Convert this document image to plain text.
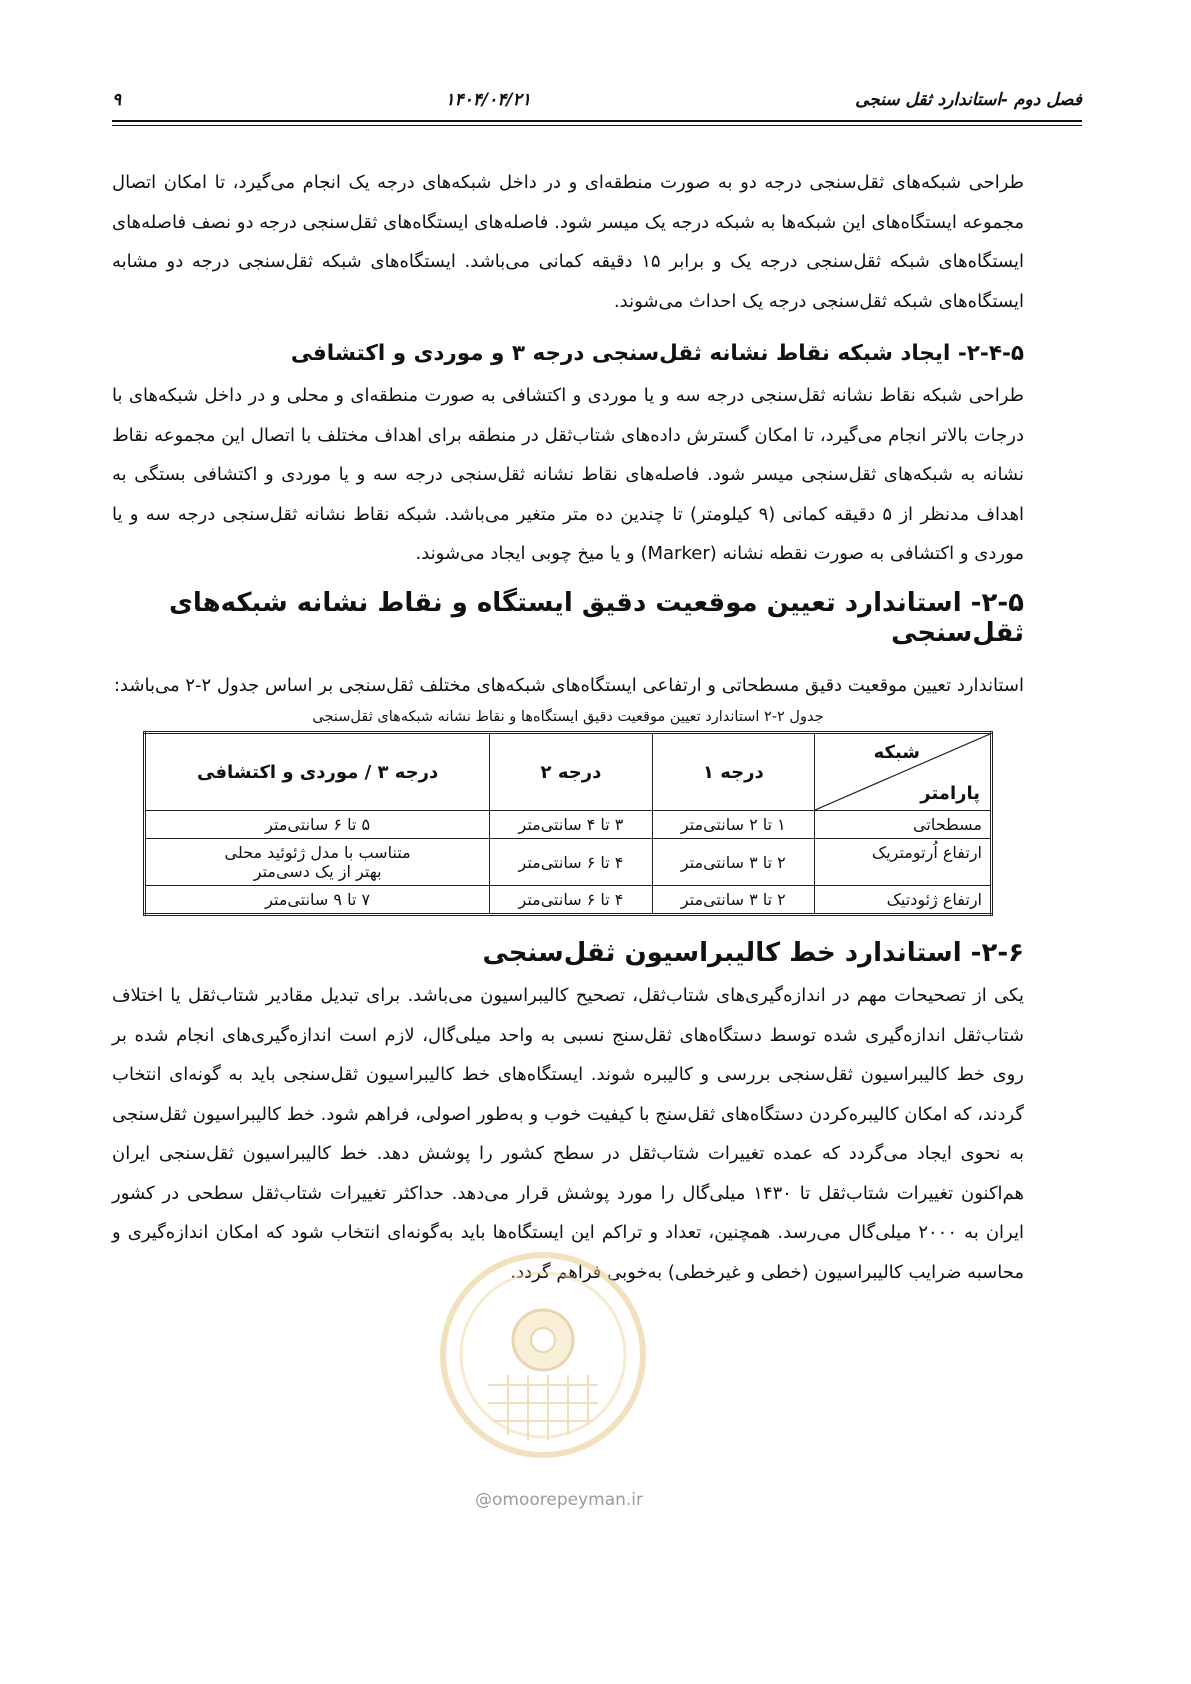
فصل دوم -استاندارد ثقل سنجی
۱۴۰۴/۰۴/۲۱
۹

طراحی شبکه‌های ثقل‌سنجی درجه دو به صورت منطقه‌ای و در داخل شبکه‌های درجه یک انجام می‌گیرد، تا امکان اتصال مجموعه ایستگاه‌های این شبکه‌ها به شبکه درجه یک میسر شود. فاصله‌های ایستگاه‌های ثقل‌سنجی درجه دو نصف فاصله‌های ایستگاه‌های شبکه ثقل‌سنجی درجه یک و برابر ۱۵ دقیقه کمانی می‌باشد. ایستگاه‌های شبکه ثقل‌سنجی درجه دو مشابه ایستگاه‌های شبکه ثقل‌سنجی درجه یک احداث می‌شوند.

۲-۴-۵- ایجاد شبکه نقاط نشانه ثقل‌سنجی درجه ۳ و موردی و اکتشافی

طراحی شبکه نقاط نشانه ثقل‌سنجی درجه سه و یا موردی و اکتشافی به صورت منطقه‌ای و محلی و در داخل شبکه‌های با درجات بالاتر انجام می‌گیرد، تا امکان گسترش داده‌های شتاب‌ثقل در منطقه برای اهداف مختلف با اتصال این مجموعه نقاط نشانه به شبکه‌های ثقل‌سنجی میسر شود. فاصله‌های نقاط نشانه ثقل‌سنجی درجه سه و یا موردی و اکتشافی بستگی به اهداف مدنظر از ۵ دقیقه کمانی (۹ کیلومتر) تا چندین ده متر متغیر می‌باشد. شبکه نقاط نشانه ثقل‌سنجی درجه سه و یا موردی و اکتشافی به صورت نقطه نشانه (Marker) و یا میخ چوبی ایجاد می‌شوند.

۲-۵- استاندارد تعیین موقعیت دقیق ایستگاه و نقاط نشانه شبکه‌های ثقل‌سنجی

استاندارد تعیین موقعیت دقیق مسطحاتی و ارتفاعی ایستگاه‌های شبکه‌های مختلف ثقل‌سنجی بر اساس جدول ۲-۲ می‌باشد:

جدول ۲-۲ استاندارد تعیین موقعیت دقیق ایستگاه‌ها و نقاط نشانه شبکه‌های ثقل‌سنجی
شبکه
پارامتر	درجه ۱	درجه ۲	درجه ۳ / موردی و اکتشافی
مسطحاتی	۱ تا ۲ سانتی‌متر	۳ تا ۴ سانتی‌متر	۵ تا ۶ سانتی‌متر
ارتفاع اُرتومتریک	۲ تا ۳ سانتی‌متر	۴ تا ۶ سانتی‌متر	متناسب با مدل ژئوئید محلی
بهتر از یک دسی‌متر

ارتفاع ژئودتیک	۲ تا ۳ سانتی‌متر	۴ تا ۶ سانتی‌متر	۷ تا ۹ سانتی‌متر
۲-۶- استاندارد خط کالیبراسیون ثقل‌سنجی

یکی از تصحیحات مهم در اندازه‌گیری‌های شتاب‌ثقل، تصحیح کالیبراسیون می‌باشد. برای تبدیل مقادیر شتاب‌ثقل یا اختلاف شتاب‌ثقل اندازه‌گیری شده توسط دستگاه‌های ثقل‌سنج نسبی به واحد میلی‌گال، لازم است اندازه‌گیری‌های انجام شده بر روی خط کالیبراسیون ثقل‌سنجی بررسی و کالیبره شوند. ایستگاه‌های خط کالیبراسیون ثقل‌سنجی باید به گونه‌ای انتخاب گردند، که امکان کالیبره‌کردن دستگاه‌های ثقل‌سنج با کیفیت خوب و به‌طور اصولی، فراهم شود. خط کالیبراسیون ثقل‌سنجی به نحوی ایجاد می‌گردد که عمده تغییرات شتاب‌ثقل در سطح کشور را پوشش دهد. خط کالیبراسیون ثقل‌سنجی ایران هم‌اکنون تغییرات شتاب‌ثقل تا ۱۴۳۰ میلی‌گال را مورد پوشش قرار می‌دهد. حداکثر تغییرات شتاب‌ثقل سطحی در کشور ایران به ۲۰۰۰ میلی‌گال می‌رسد. همچنین، تعداد و تراکم این ایستگاه‌ها باید به‌گونه‌ای انتخاب شود که امکان اندازه‌گیری و محاسبه ضرایب کالیبراسیون (خطی و غیرخطی) به‌خوبی فراهم گردد.

@omoorepeyman.ir
